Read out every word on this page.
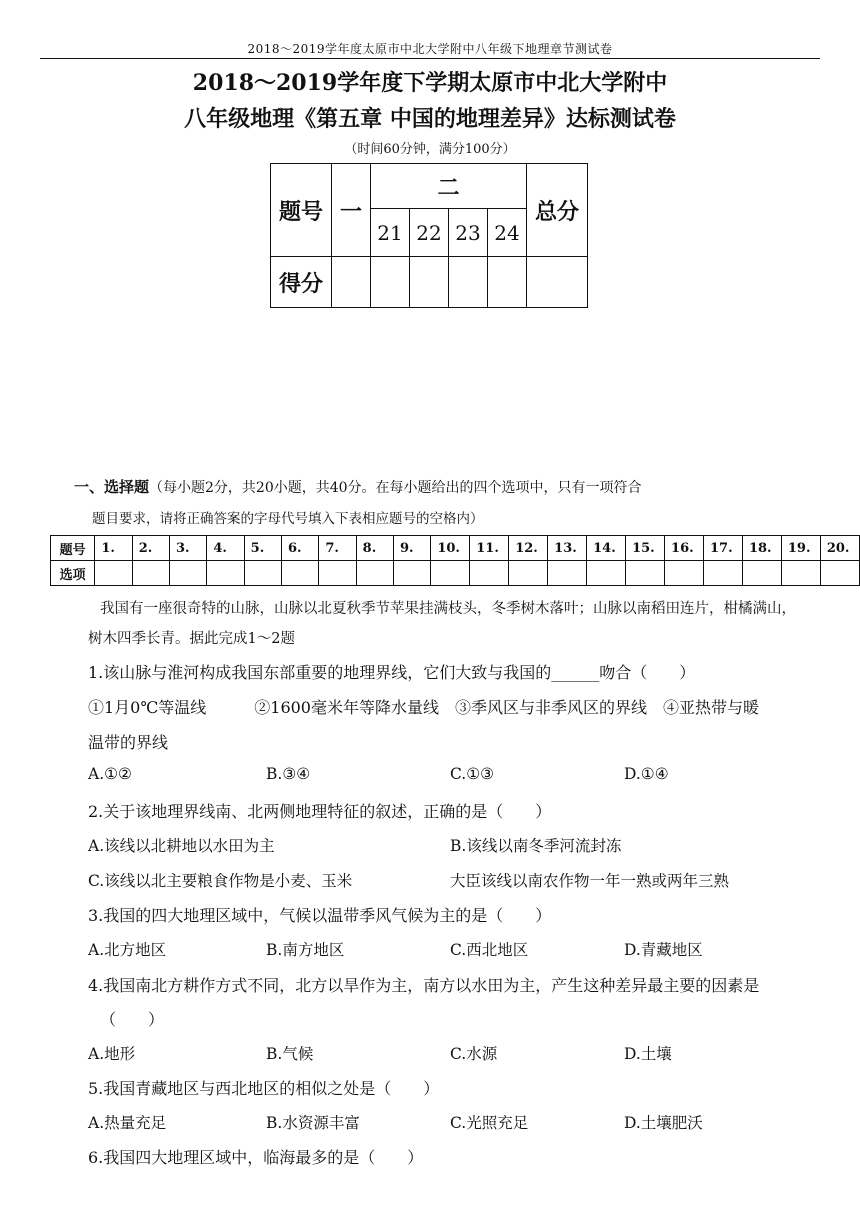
2018～2019学年度太原市中北大学附中八年级下地理章节测试卷
2018～2019学年度下学期太原市中北大学附中
八年级地理《第五章 中国的地理差异》达标测试卷
（时间60分钟，满分100分）
题号	一	二				总分
		21	22	23	24	
得分						
一、选择题（每小题2分，共20小题，共40分。在每小题给出的四个选项中，只有一项符合
题目要求，请将正确答案的字母代号填入下表相应题号的空格内）
题号	1.	2.	3.	4.	5.	6.	7.	8.	9.	10.	11.	12.	13.	14.	15.	16.	17.	18.	19.	20.
选项																				
我国有一座很奇特的山脉，山脉以北夏秋季节苹果挂满枝头，冬季树木落叶；山脉以南稻田连片，柑橘满山，
树木四季长青。据此完成1～2题
1.该山脉与淮河构成我国东部重要的地理界线，它们大致与我国的______吻合（　　）
①1月0℃等温线　　　②1600毫米年等降水量线　③季风区与非季风区的界线　④亚热带与暖
温带的界线
A.①②	B.③④	C.①③	D.①④
2.关于该地理界线南、北两侧地理特征的叙述，正确的是（　　）
A.该线以北耕地以水田为主	B.该线以南冬季河流封冻
C.该线以北主要粮食作物是小麦、玉米	大臣该线以南农作物一年一熟或两年三熟
3.我国的四大地理区域中，气候以温带季风气候为主的是（　　）
A.北方地区	B.南方地区	C.西北地区	D.青藏地区
4.我国南北方耕作方式不同，北方以旱作为主，南方以水田为主，产生这种差异最主要的因素是
（　　）
A.地形	B.气候	C.水源	D.土壤
5.我国青藏地区与西北地区的相似之处是（　　）
A.热量充足	B.水资源丰富	C.光照充足	D.土壤肥沃
6.我国四大地理区域中，临海最多的是（　　）
